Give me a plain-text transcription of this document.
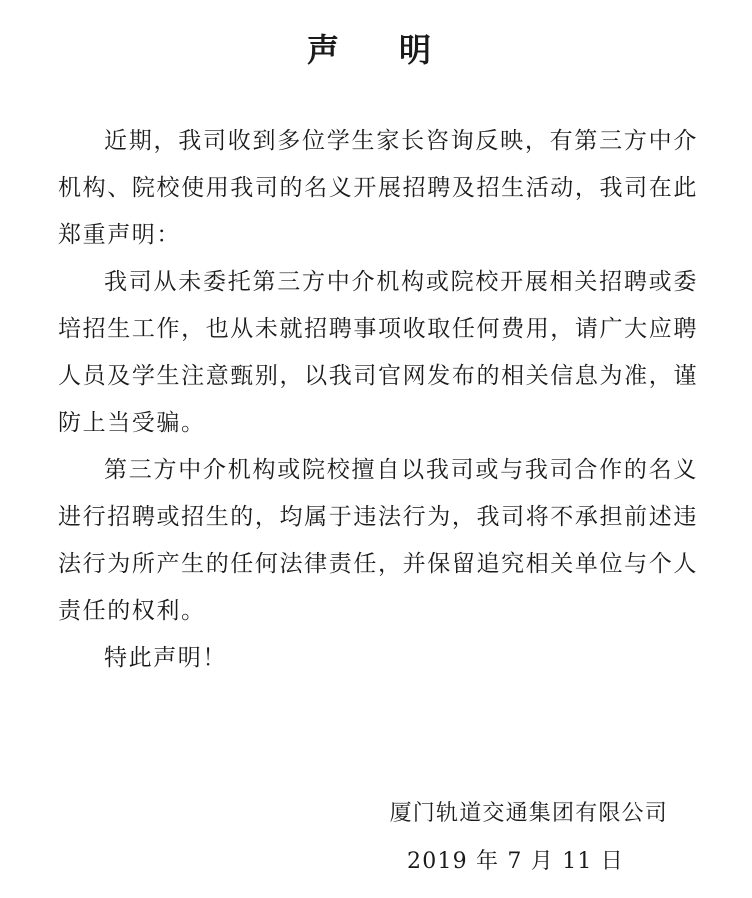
声　明

近期，我司收到多位学生家长咨询反映，有第三方中介机构、院校使用我司的名义开展招聘及招生活动，我司在此郑重声明：

我司从未委托第三方中介机构或院校开展相关招聘或委培招生工作，也从未就招聘事项收取任何费用，请广大应聘人员及学生注意甄别，以我司官网发布的相关信息为准，谨防上当受骗。

第三方中介机构或院校擅自以我司或与我司合作的名义进行招聘或招生的，均属于违法行为，我司将不承担前述违法行为所产生的任何法律责任，并保留追究相关单位与个人责任的权利。

特此声明！

厦门轨道交通集团有限公司
2019 年 7 月 11 日
